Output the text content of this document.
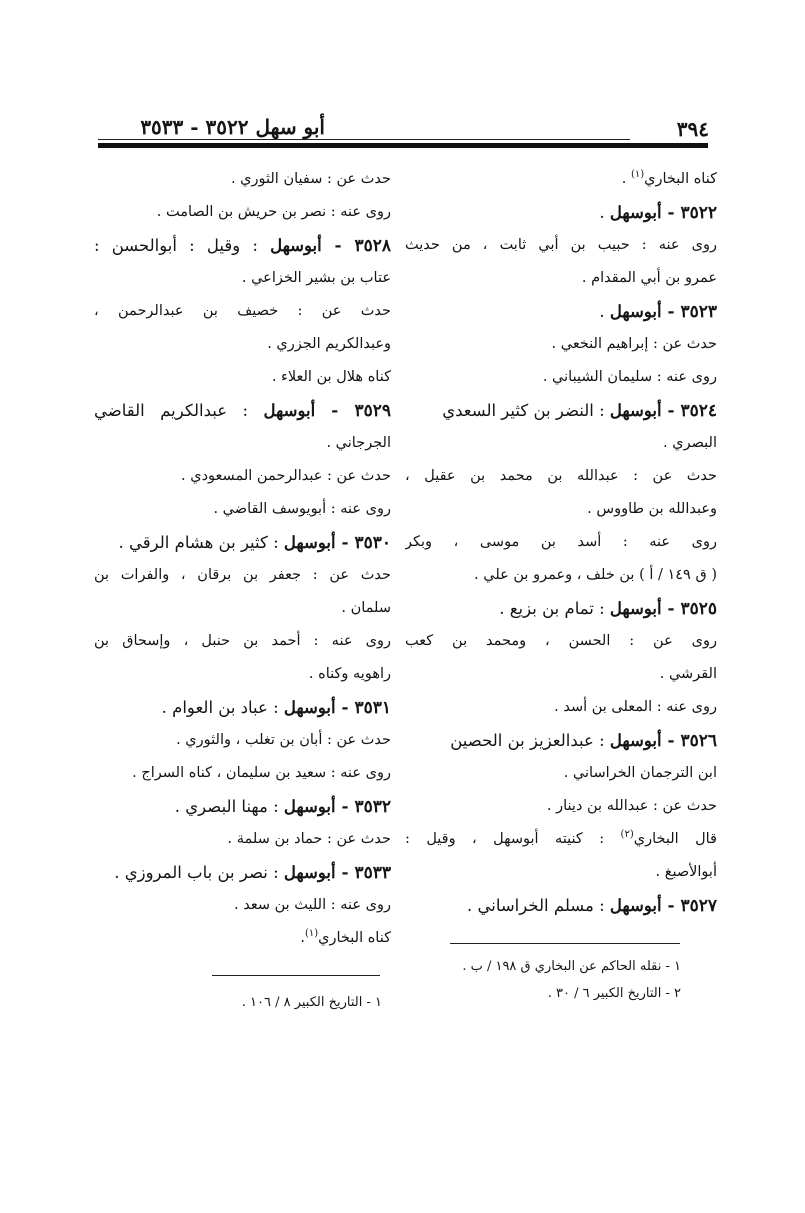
أبو سهل ٣٥٢٢ - ٣٥٣٣	٣٩٤
كناه البخاري$^{(١)}$ .
٣٥٢٢ - أبوسهل .
روى عنه : حبيب بن أبي ثابت ، من حديث
عمرو بن أبي المقدام .
٣٥٢٣ - أبوسهل .
حدث عن : إبراهيم النخعي .
روى عنه : سليمان الشيباني .
٣٥٢٤ - أبوسهل : النضر بن كثير السعدي
البصري .
حدث عن : عبدالله بن محمد بن عقيل ،
وعبدالله بن طاووس .
روى عنه : أسد بن موسى ، وبكر
( ق ١٤٩ / أ ) بن خلف ، وعمرو بن علي .
٣٥٢٥ - أبوسهل : تمام بن بزيع .
روى عن : الحسن ، ومحمد بن كعب
القرشي .
روى عنه : المعلى بن أسد .
٣٥٢٦ - أبوسهل : عبدالعزيز بن الحصين
ابن الترجمان الخراساني .
حدث عن : عبدالله بن دينار .
قال البخاري$^{(٢)}$ : كنيته أبوسهل ، وقيل :
أبوالأصبغ .
٣٥٢٧ - أبوسهل : مسلم الخراساني .
حدث عن : سفيان الثوري .
روى عنه : نصر بن حريش بن الصامت .
٣٥٢٨ - أبوسهل : وقيل : أبوالحسن :
عتاب بن بشير الخزاعي .
حدث عن : خصيف بن عبدالرحمن ،
وعبدالكريم الجزري .
كناه هلال بن العلاء .
٣٥٢٩ - أبوسهل : عبدالكريم القاضي
الجرجاني .
حدث عن : عبدالرحمن المسعودي .
روى عنه : أبويوسف القاضي .
٣٥٣٠ - أبوسهل : كثير بن هشام الرقي .
حدث عن : جعفر بن برقان ، والفرات بن
سلمان .
روى عنه : أحمد بن حنبل ، وإسحاق بن
راهويه وكناه .
٣٥٣١ - أبوسهل : عباد بن العوام .
حدث عن : أبان بن تغلب ، والثوري .
روى عنه : سعيد بن سليمان ، كناه السراج .
٣٥٣٢ - أبوسهل : مهنا البصري .
حدث عن : حماد بن سلمة .
٣٥٣٣ - أبوسهل : نصر بن باب المروزي .
روى عنه : الليث بن سعد .
كناه البخاري$^{(١)}$.
١ - نقله الحاكم عن البخاري ق ١٩٨ / ب .
٢ - التاريخ الكبير ٦ / ٣٠ .
١ - التاريخ الكبير ٨ / ١٠٦ .
